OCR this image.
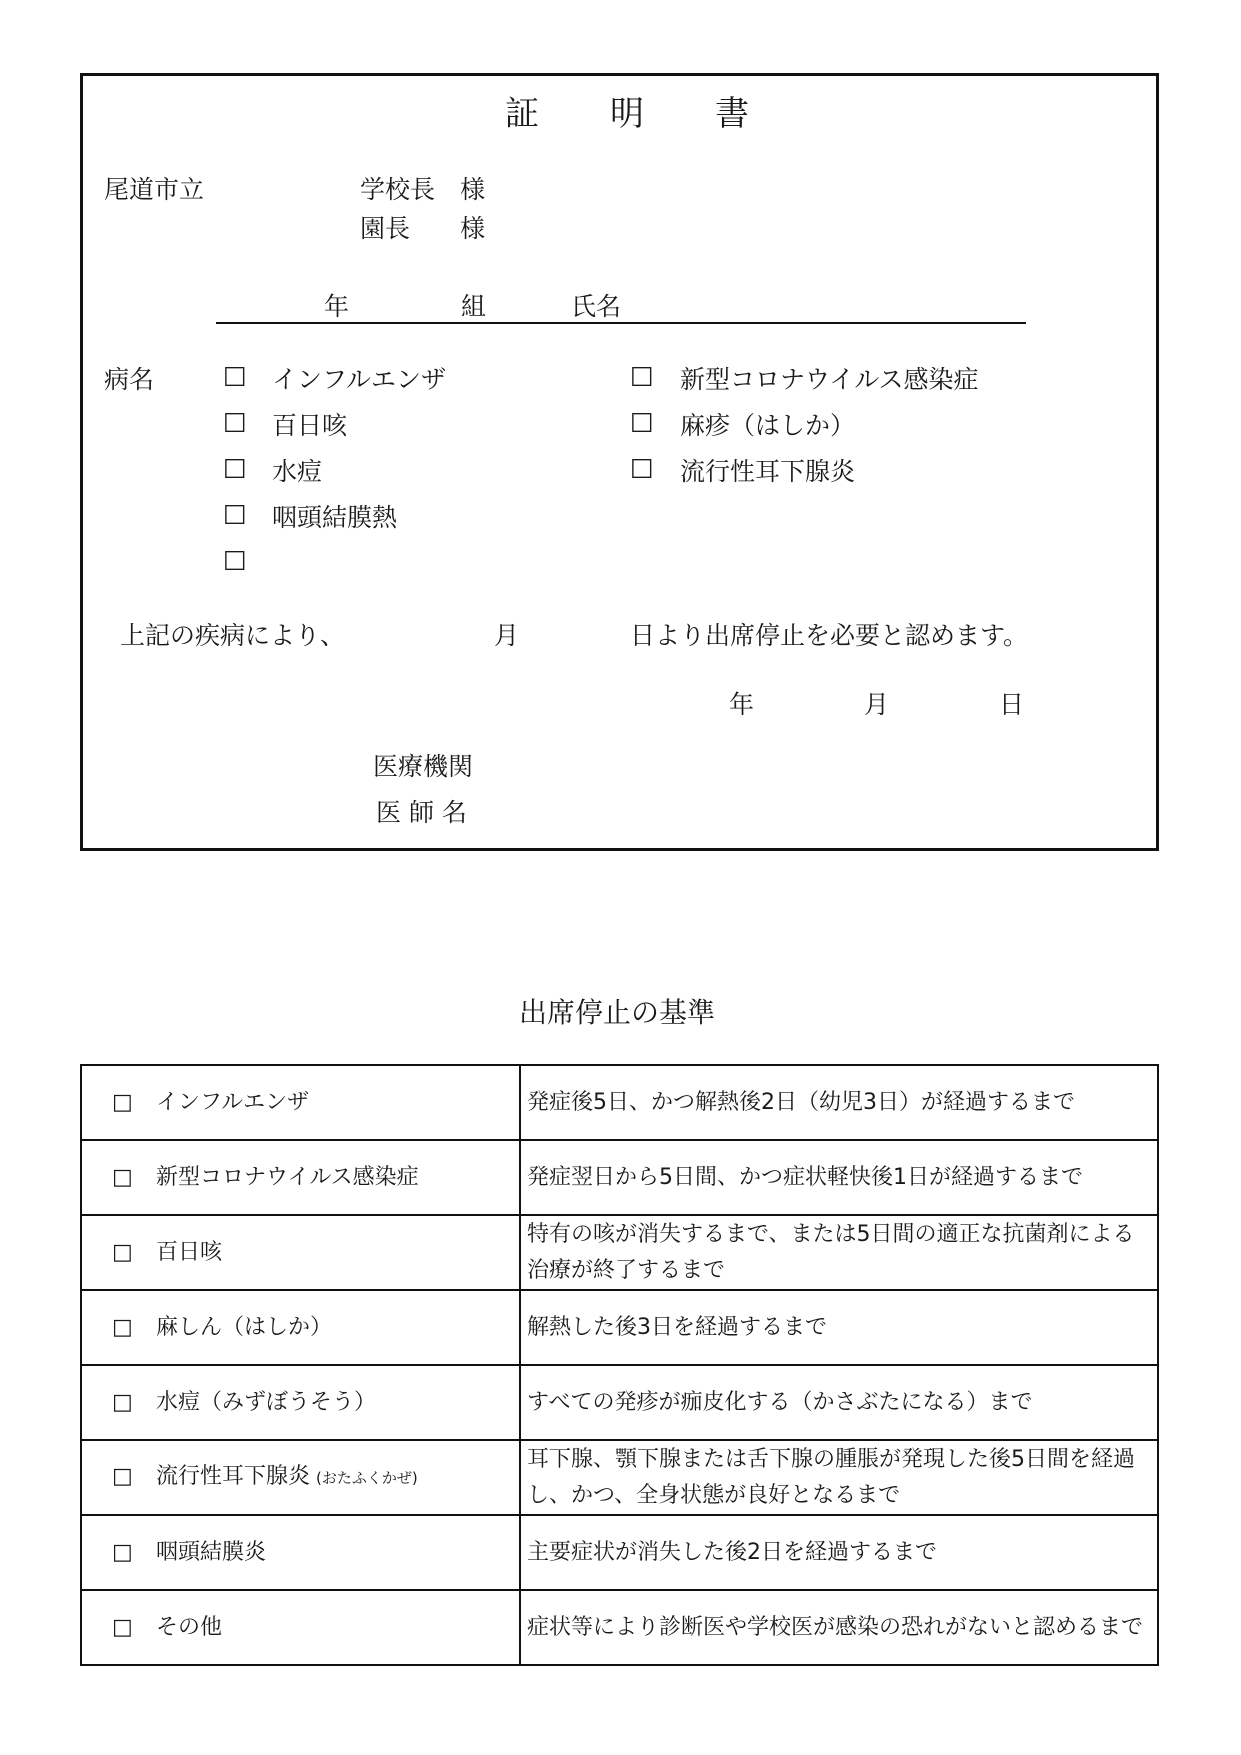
証　　明　　書
尾道市立	学校長　様
園長　　様
年	組	氏名
病名	□ インフルエンザ
□ 百日咳
□ 水痘
□ 咽頭結膜熱
□
□ 新型コロナウイルス感染症
□ 麻疹（はしか）
□ 流行性耳下腺炎
上記の疾病により、	月	日より出席停止を必要と認めます。
年	月	日
医療機関
医 師 名
出席停止の基準
□ インフルエンザ	発症後5日、かつ解熱後2日（幼児3日）が経過するまで
□ 新型コロナウイルス感染症	発症翌日から5日間、かつ症状軽快後1日が経過するまで
□ 百日咳	特有の咳が消失するまで、または5日間の適正な抗菌剤による治療が終了するまで
□ 麻しん（はしか）	解熱した後3日を経過するまで
□ 水痘（みずぼうそう）	すべての発疹が痂皮化する（かさぶたになる）まで
□ 流行性耳下腺炎 (おたふくかぜ)	耳下腺、顎下腺または舌下腺の腫脹が発現した後5日間を経過し、かつ、全身状態が良好となるまで
□ 咽頭結膜炎	主要症状が消失した後2日を経過するまで
□ その他	症状等により診断医や学校医が感染の恐れがないと認めるまで
